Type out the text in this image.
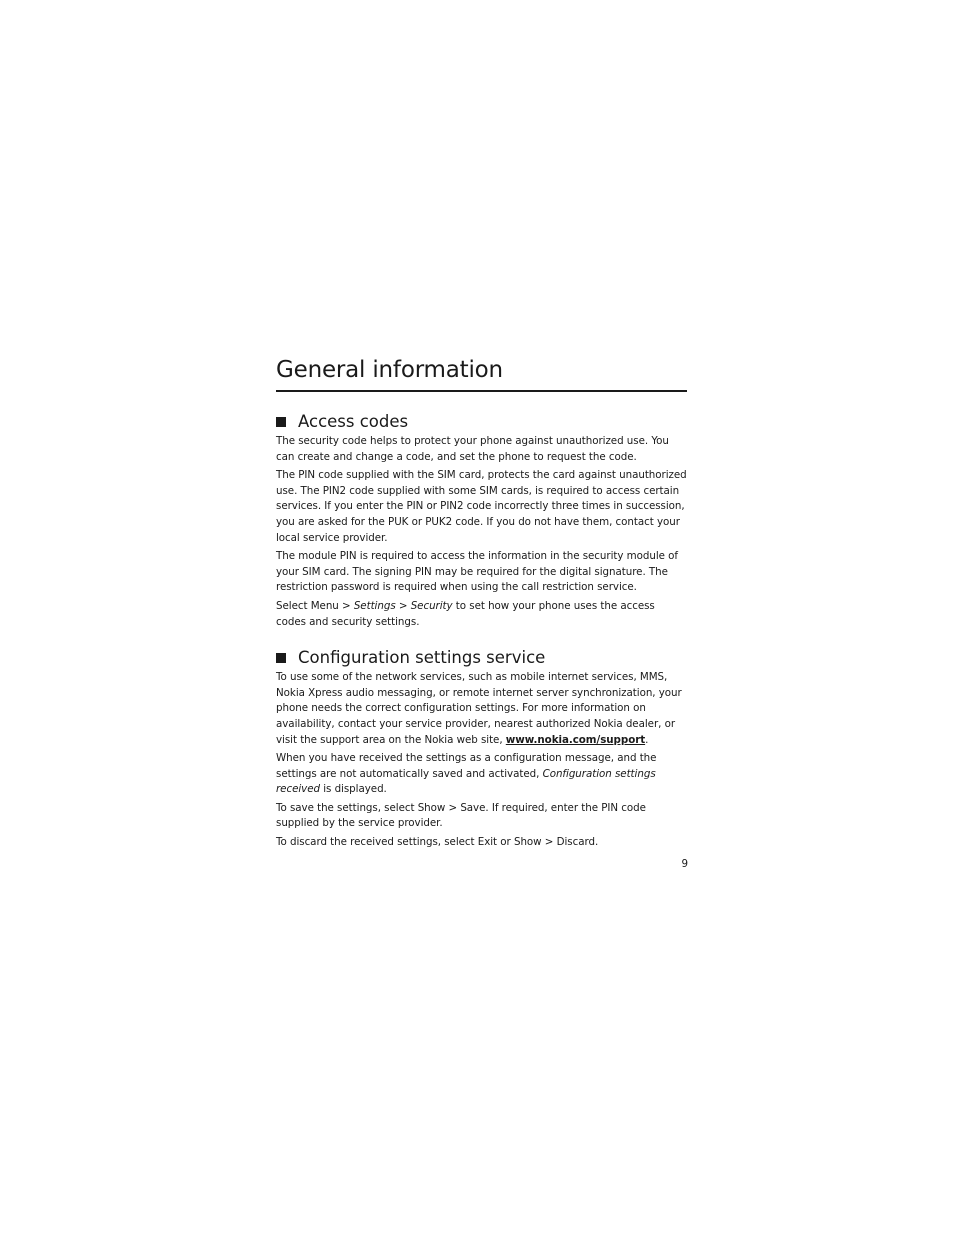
General information
Access codes

The security code helps to protect your phone against unauthorized use. You can create and change a code, and set the phone to request the code.

The PIN code supplied with the SIM card, protects the card against unauthorized use. The PIN2 code supplied with some SIM cards, is required to access certain services. If you enter the PIN or PIN2 code incorrectly three times in succession, you are asked for the PUK or PUK2 code. If you do not have them, contact your local service provider.

The module PIN is required to access the information in the security module of your SIM card. The signing PIN may be required for the digital signature. The restriction password is required when using the call restriction service.

Select Menu > Settings > Security to set how your phone uses the access codes and security settings.

Configuration settings service

To use some of the network services, such as mobile internet services, MMS, Nokia Xpress audio messaging, or remote internet server synchronization, your phone needs the correct configuration settings. For more information on availability, contact your service provider, nearest authorized Nokia dealer, or visit the support area on the Nokia web site, www.nokia.com/support.

When you have received the settings as a configuration message, and the settings are not automatically saved and activated, Configuration settings received is displayed.

To save the settings, select Show > Save. If required, enter the PIN code supplied by the service provider.

To discard the received settings, select Exit or Show > Discard.

9
